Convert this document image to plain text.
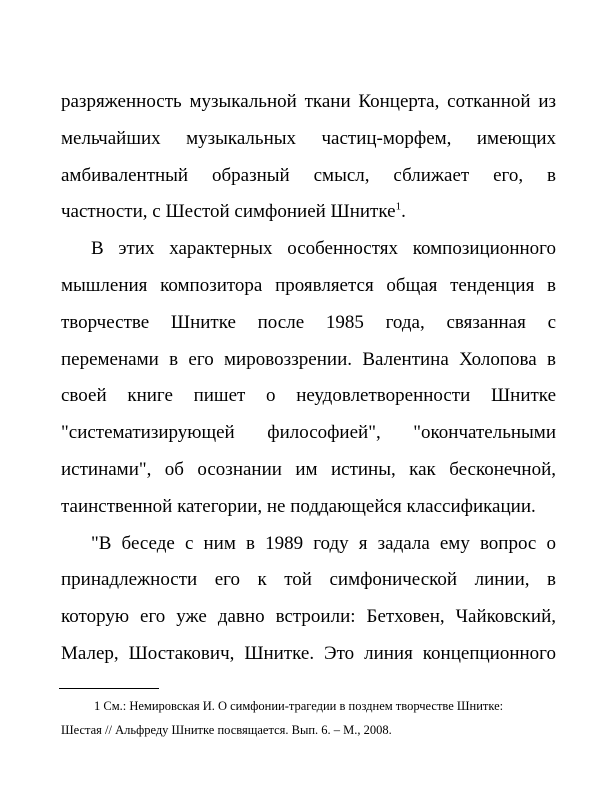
разряженность музыкальной ткани Концерта, сотканной из
мельчайших музыкальных частиц-морфем, имеющих
амбивалентный образный смысл, сближает его, в
частности, с Шестой симфонией Шнитке$^1$.
В этих характерных особенностях композиционного
мышления композитора проявляется общая тенденция в
творчестве Шнитке после 1985 года, связанная с
переменами в его мировоззрении. Валентина Холопова в
своей книге пишет о неудовлетворенности Шнитке
"систематизирующей философией", "окончательными
истинами", об осознании им истины, как бесконечной,
таинственной категории, не поддающейся классификации.
"В беседе с ним в 1989 году я задала ему вопрос о
принадлежности его к той симфонической линии, в
которую его уже давно встроили: Бетховен, Чайковский,
Малер, Шостакович, Шнитке. Это линия концепционного
1 См.: Немировская И. О симфонии-трагедии в позднем творчестве Шнитке:
Шестая // Альфреду Шнитке посвящается. Вып. 6. – М., 2008.
